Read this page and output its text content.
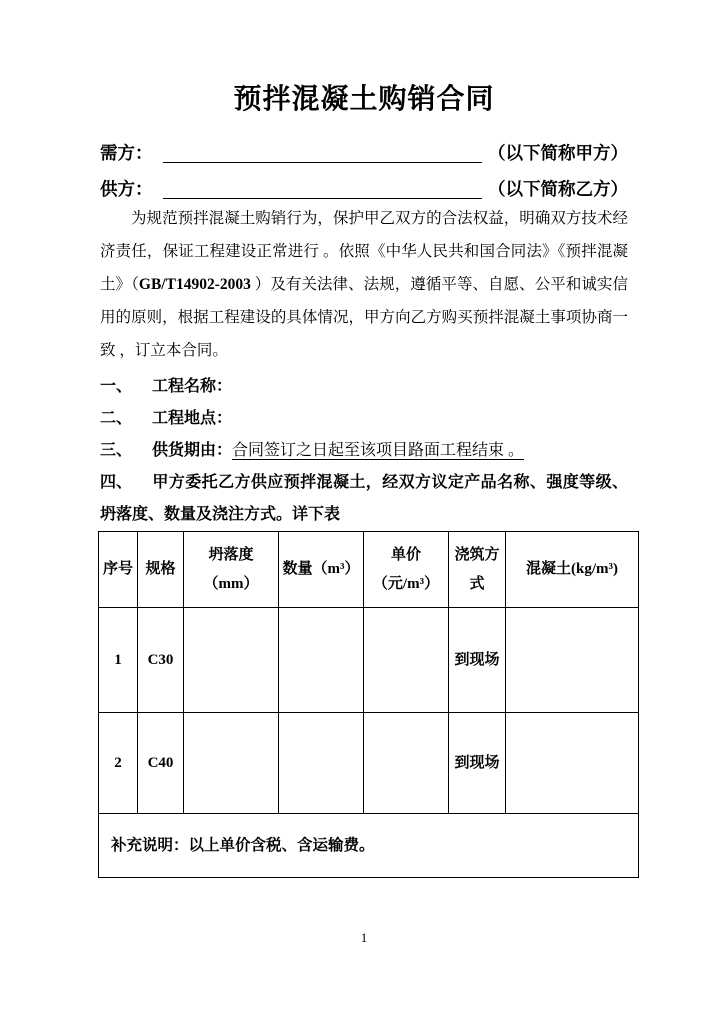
预拌混凝土购销合同
需方：	（以下简称甲方）
供方：	（以下简称乙方）

为规范预拌混凝土购销行为，保护甲乙双方的合法权益，明确双方技术经济责任，保证工程建设正常进行 。依照《中华人民共和国合同法》《预拌混凝土》（GB/T14902-2003 ）及有关法律、法规，遵循平等、自愿、公平和诚实信用的原则，根据工程建设的具体情况，甲方向乙方购买预拌混凝土事项协商一致 ，订立本合同。

一、	工程名称：
二、	工程地点：
三、	供货期由： 合同签订之日起至该项目路面工程结束 。
四、 甲方委托乙方供应预拌混凝土，经双方议定产品名称、强度等级、坍落度、数量及浇注方式。详下表
序号	规格	坍落度（mm）	数量（m³）	单价（元/m³）	浇筑方式	混凝土(kg/m³)
1	C30				到现场	
2	C40				到现场	
补充说明：以上单价含税、含运输费。						
1
